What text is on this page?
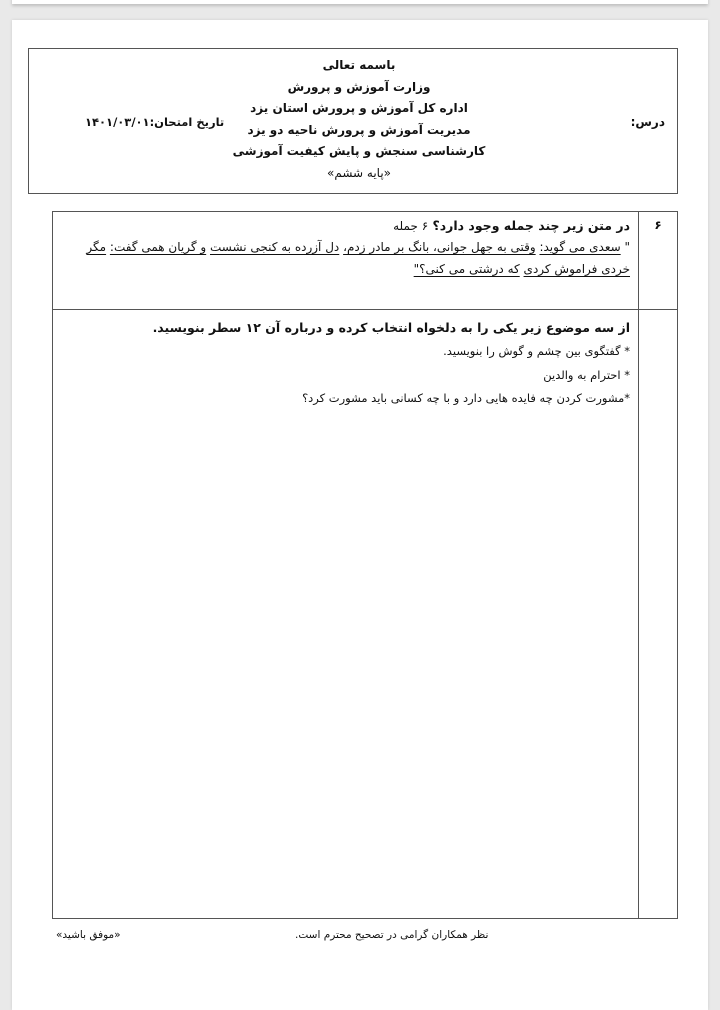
باسمه تعالی
وزارت آموزش و پرورش
اداره کل آموزش و پرورش استان یزد
مدیریت آموزش و پرورش ناحیه دو یزد
کارشناسی سنجش و پایش کیفیت آموزشی
«پایه ششم»
درس:
تاریخ امتحان:۱۴۰۱/۰۳/۰۱
۶	در متن زیر چند جمله وجود دارد؟ ۶ جمله
" سعدی می گوید: وقتی به جهل جوانی، بانگ بر مادر زدم، دل آزرده به کنجی نشست و گریان همی گفت: مگر خردی فراموش کردی که درشتی می کنی؟"

	از سه موضوع زیر یکی را به دلخواه انتخاب کرده و درباره آن ۱۲ سطر بنویسید.
* گفتگوی بین چشم و گوش را بنویسید.
* احترام به والدین
*مشورت کردن چه فایده هایی دارد و با چه کسانی باید مشورت کرد؟
نظر همکاران گرامی در تصحیح محترم است.
«موفق باشید»
